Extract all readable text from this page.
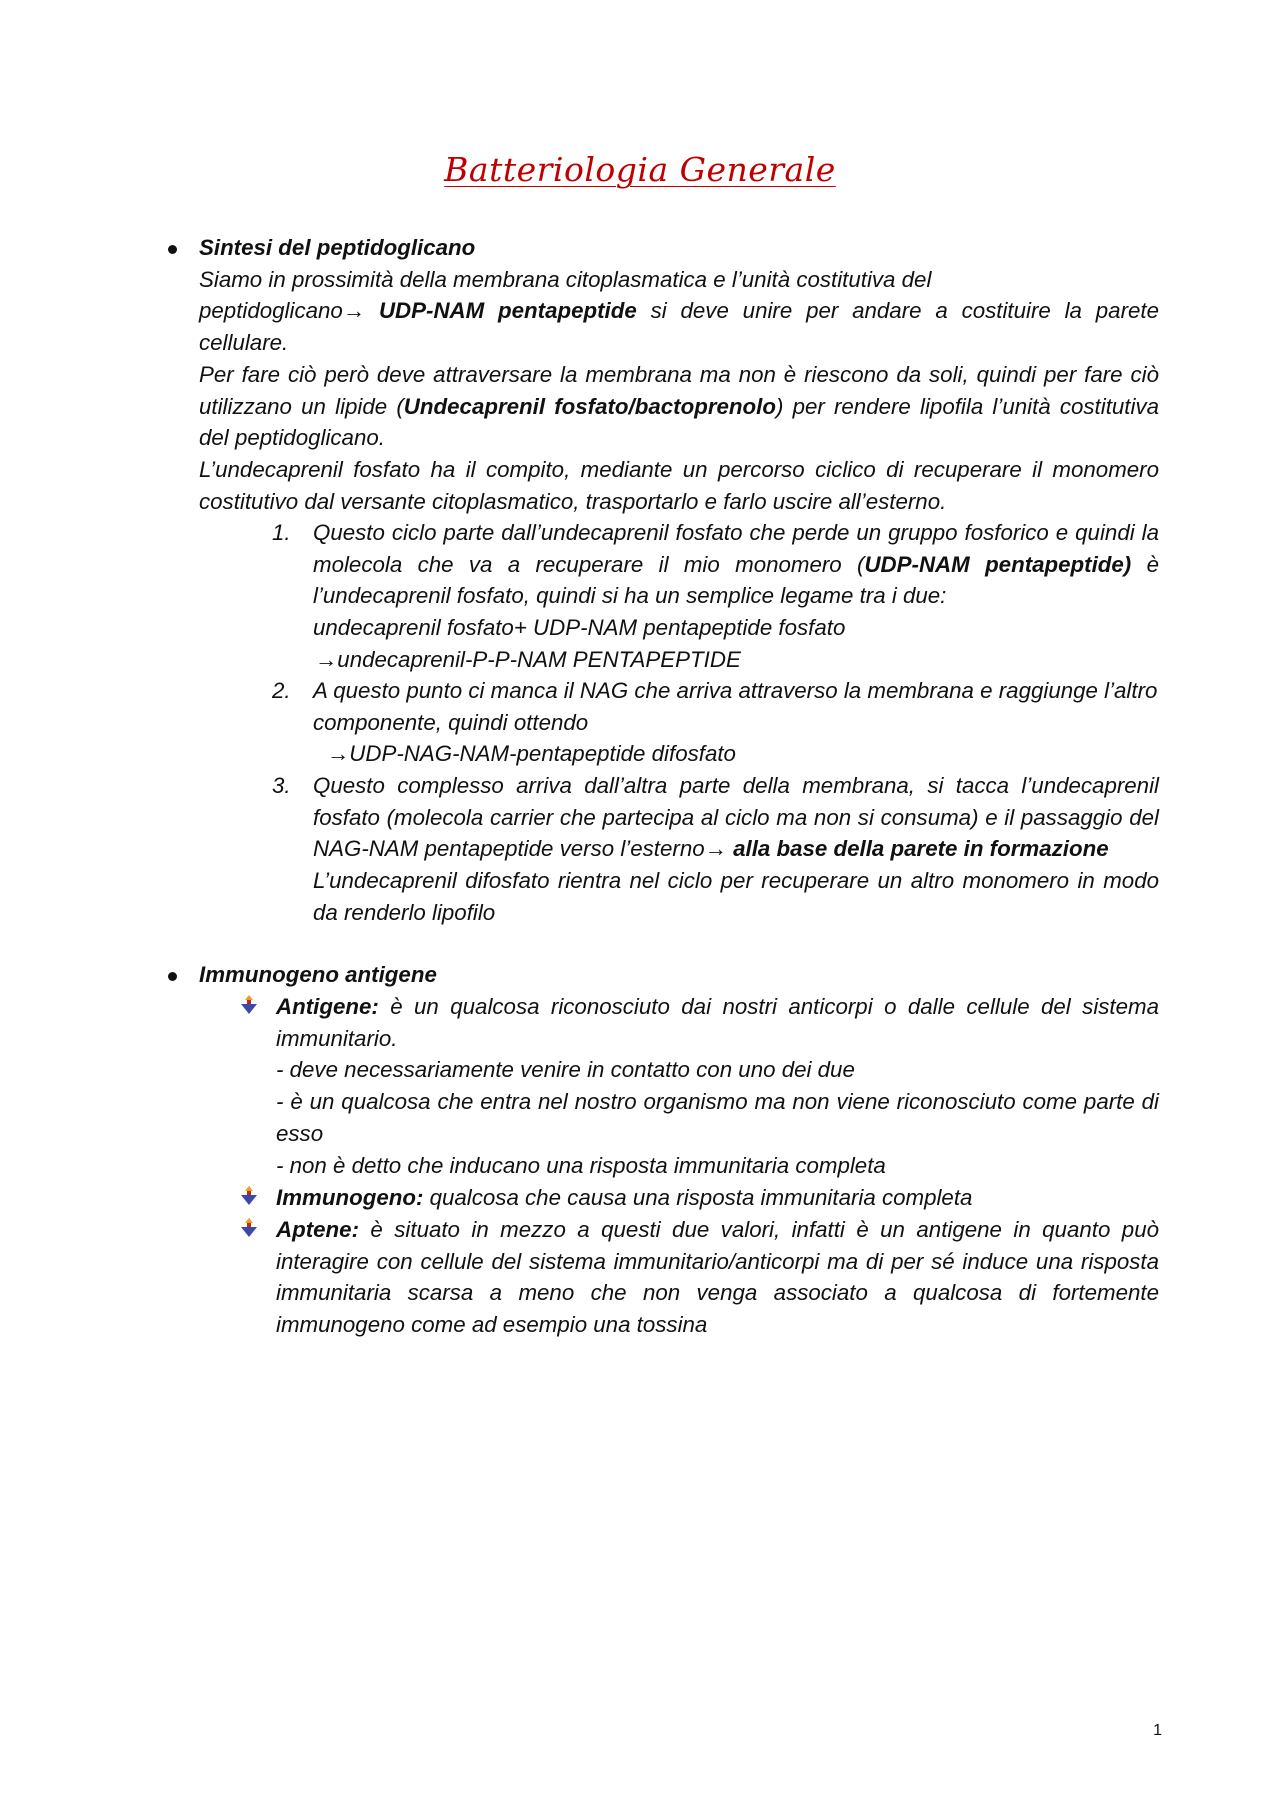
Batteriologia Generale
Sintesi del peptidoglicano
Siamo in prossimità della membrana citoplasmatica e l’unità costitutiva del
peptidoglicano→ UDP-NAM pentapeptide si deve unire per andare a costituire la parete cellulare.
Per fare ciò però deve attraversare la membrana ma non è riescono da soli, quindi per fare ciò utilizzano un lipide (Undecaprenil fosfato/bactoprenolo) per rendere lipofila l’unità costitutiva del peptidoglicano.
L’undecaprenil fosfato ha il compito, mediante un percorso ciclico di recuperare il monomero costitutivo dal versante citoplasmatico, trasportarlo e farlo uscire all’esterno.
1. Questo ciclo parte dall’undecaprenil fosfato che perde un gruppo fosforico e quindi la molecola che va a recuperare il mio monomero (UDP-NAM pentapeptide) è l’undecaprenil fosfato, quindi si ha un semplice legame tra i due:
undecaprenil fosfato+ UDP-NAM pentapeptide fosfato
→undecaprenil-P-P-NAM PENTAPEPTIDE
2. A questo punto ci manca il NAG che arriva attraverso la membrana e raggiunge l’altro componente, quindi ottendo
→UDP-NAG-NAM-pentapeptide difosfato
3. Questo complesso arriva dall’altra parte della membrana, si tacca l’undecaprenil fosfato (molecola carrier che partecipa al ciclo ma non si consuma) e il passaggio del NAG-NAM pentapeptide verso l’esterno→ alla base della parete in formazione
L’undecaprenil difosfato rientra nel ciclo per recuperare un altro monomero in modo da renderlo lipofilo
Immunogeno antigene
Antigene: è un qualcosa riconosciuto dai nostri anticorpi o dalle cellule del sistema immunitario.
- deve necessariamente venire in contatto con uno dei due
- è un qualcosa che entra nel nostro organismo ma non viene riconosciuto come parte di esso
- non è detto che inducano una risposta immunitaria completa
Immunogeno: qualcosa che causa una risposta immunitaria completa
Aptene: è situato in mezzo a questi due valori, infatti è un antigene in quanto può interagire con cellule del sistema immunitario/anticorpi ma di per sé induce una risposta immunitaria scarsa a meno che non venga associato a qualcosa di fortemente immunogeno come ad esempio una tossina
1
